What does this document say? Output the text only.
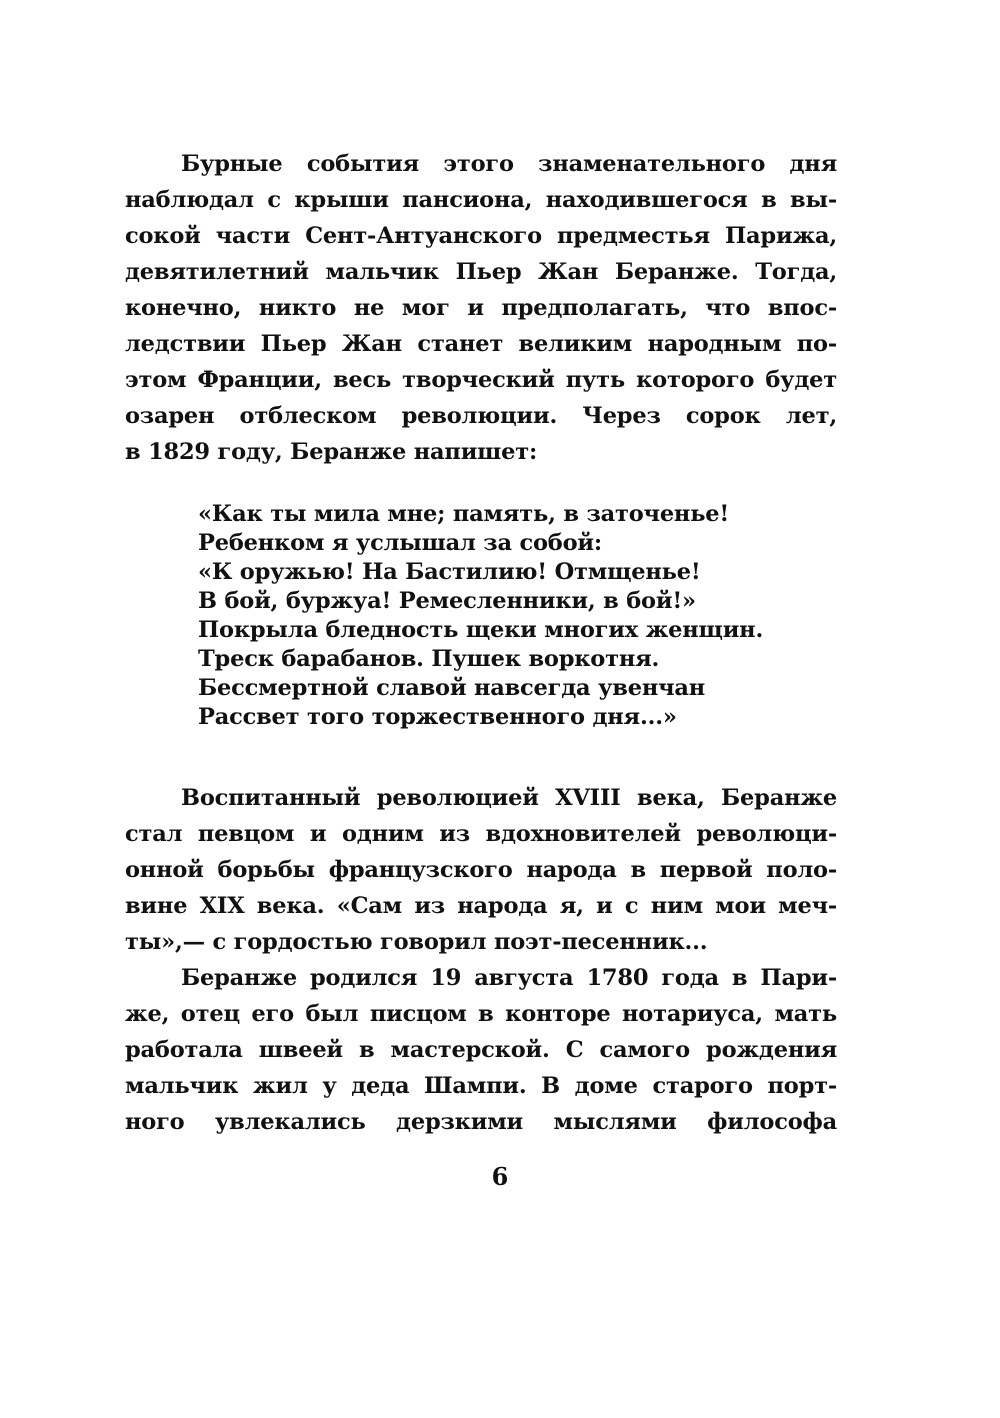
Бурные события этого знаменательного дня
наблюдал с крыши пансиона, находившегося в вы-
сокой части Сент-Антуанского предместья Парижа,
девятилетний мальчик Пьер Жан Беранже. Тогда,
конечно, никто не мог и предполагать, что впос-
ледствии Пьер Жан станет великим народным по-
этом Франции, весь творческий путь которого будет
озарен отблеском революции. Через сорок лет,
в 1829 году, Беранже напишет:
«Как ты мила мне; память, в заточенье!
Ребенком я услышал за собой:
«К оружью! На Бастилию! Отмщенье!
В бой, буржуа! Ремесленники, в бой!»
Покрыла бледность щеки многих женщин.
Треск барабанов. Пушек воркотня.
Бессмертной славой навсегда увенчан
Рассвет того торжественного дня...»
Воспитанный революцией XVIII века, Беранже
стал певцом и одним из вдохновителей революци-
онной борьбы французского народа в первой поло-
вине XIX века. «Сам из народа я, и с ним мои меч-
ты»,— с гордостью говорил поэт-песенник...
Беранже родился 19 августа 1780 года в Пари-
же, отец его был писцом в конторе нотариуса, мать
работала швеей в мастерской. С самого рождения
мальчик жил у деда Шампи. В доме старого порт-
ного увлекались дерзкими мыслями философа
6
